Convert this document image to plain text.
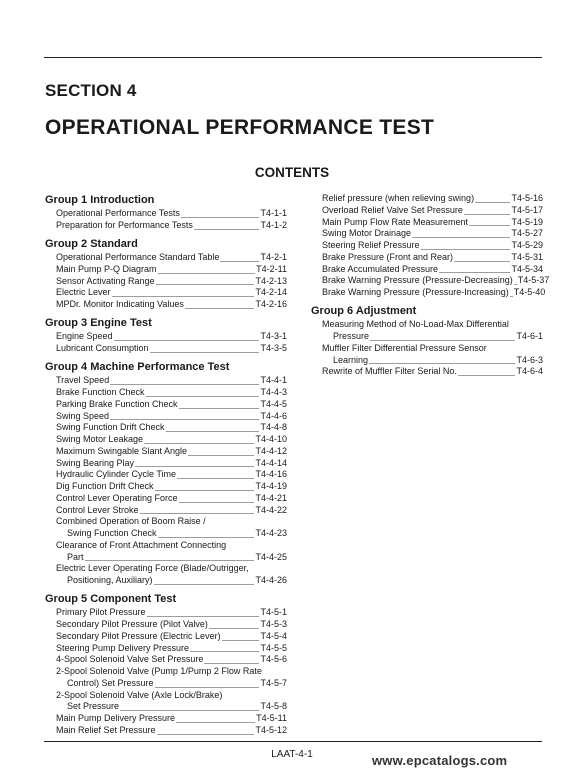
SECTION 4
OPERATIONAL PERFORMANCE TEST
CONTENTS
Group 1 Introduction
Operational Performance Tests	T4-1-1
Preparation for Performance Tests	T4-1-2
Group 2 Standard
Operational Performance Standard Table	T4-2-1
Main Pump P-Q Diagram	T4-2-11
Sensor Activating Range	T4-2-13
Electric Lever	T4-2-14
MPDr. Monitor Indicating Values	T4-2-16
Group 3 Engine Test
Engine Speed	T4-3-1
Lubricant Consumption	T4-3-5
Group 4 Machine Performance Test
Travel Speed	T4-4-1
Brake Function Check	T4-4-3
Parking Brake Function Check	T4-4-5
Swing Speed	T4-4-6
Swing Function Drift Check	T4-4-8
Swing Motor Leakage	T4-4-10
Maximum Swingable Slant Angle	T4-4-12
Swing Bearing Play	T4-4-14
Hydraulic Cylinder Cycle Time	T4-4-16
Dig Function Drift Check	T4-4-19
Control Lever Operating Force	T4-4-21
Control Lever Stroke	T4-4-22
Combined Operation of Boom Raise /
Swing Function Check	T4-4-23
Clearance of Front Attachment Connecting
Part	T4-4-25
Electric Lever Operating Force (Blade/Outrigger,
Positioning, Auxiliary)	T4-4-26
Group 5 Component Test
Primary Pilot Pressure	T4-5-1
Secondary Pilot Pressure (Pilot Valve)	T4-5-3
Secondary Pilot Pressure (Electric Lever)	T4-5-4
Steering Pump Delivery Pressure	T4-5-5
4-Spool Solenoid Valve Set Pressure	T4-5-6
2-Spool Solenoid Valve (Pump 1/Pump 2 Flow Rate
Control) Set Pressure	T4-5-7
2-Spool Solenoid Valve (Axle Lock/Brake)
Set Pressure	T4-5-8
Main Pump Delivery Pressure	T4-5-11
Main Relief Set Pressure	T4-5-12
Relief pressure (when relieving swing)	T4-5-16
Overload Relief Valve Set Pressure	T4-5-17
Main Pump Flow Rate Measurement	T4-5-19
Swing Motor Drainage	T4-5-27
Steering Relief Pressure	T4-5-29
Brake Pressure (Front and Rear)	T4-5-31
Brake Accumulated Pressure	T4-5-34
Brake Warning Pressure (Pressure-Decreasing) T4-5-37
Brake Warning Pressure (Pressure-Increasing) T4-5-40
Group 6 Adjustment
Measuring Method of No-Load-Max Differential
Pressure	T4-6-1
Muffler Filter Differential Pressure Sensor
Learning	T4-6-3
Rewrite of Muffler Filter Serial No.	T4-6-4
LAAT-4-1	www.epcatalogs.com
